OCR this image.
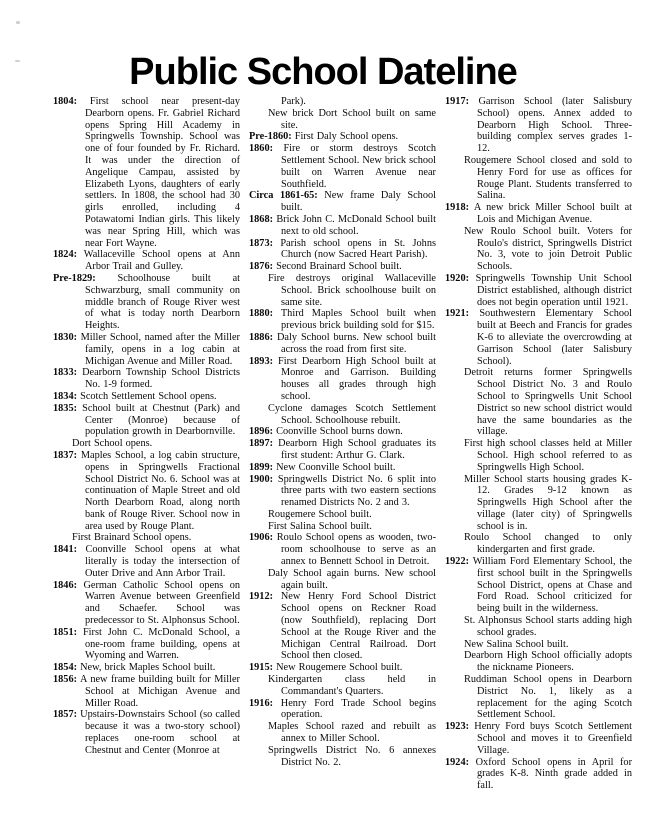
Public School Dateline

1804: First school near present-day Dearborn opens. Fr. Gabriel Richard opens Spring Hill Academy in Springwells Township. School was one of four founded by Fr. Richard. It was under the direction of Angelique Campau, assisted by Elizabeth Lyons, daughters of early settlers. In 1808, the school had 30 girls enrolled, including 4 Potawatomi Indian girls. This likely was near Spring Hill, which was near Fort Wayne.

1824: Wallaceville School opens at Ann Arbor Trail and Gulley.

Pre-1829: Schoolhouse built at Schwarzburg, small community on middle branch of Rouge River west of what is today north Dearborn Heights.

1830: Miller School, named after the Miller family, opens in a log cabin at Michigan Avenue and Miller Road.

1833: Dearborn Township School Districts No. 1-9 formed.

1834: Scotch Settlement School opens.

1835: School built at Chestnut (Park) and Center (Monroe) because of population growth in Dearbornville.

Dort School opens.

1837: Maples School, a log cabin structure, opens in Springwells Fractional School District No. 6. School was at continuation of Maple Street and old North Dearborn Road, along north bank of Rouge River. School now in area used by Rouge Plant.

First Brainard School opens.

1841: Coonville School opens at what literally is today the intersection of Outer Drive and Ann Arbor Trail.

1846: German Catholic School opens on Warren Avenue between Greenfield and Schaefer. School was predecessor to St. Alphonsus School.

1851: First John C. McDonald School, a one-room frame building, opens at Wyoming and Warren.

1854: New, brick Maples School built.

1856: A new frame building built for Miller School at Michigan Avenue and Miller Road.

1857: Upstairs-Downstairs School (so called because it was a two-story school) replaces one-room school at Chestnut and Center (Monroe at

Park).

New brick Dort School built on same site.

Pre-1860: First Daly School opens.

1860: Fire or storm destroys Scotch Settlement School. New brick school built on Warren Avenue near Southfield.

Circa 1861-65: New frame Daly School built.

1868: Brick John C. McDonald School built next to old school.

1873: Parish school opens in St. Johns Church (now Sacred Heart Parish).

1876: Second Brainard School built.

Fire destroys original Wallaceville School. Brick schoolhouse built on same site.

1880: Third Maples School built when previous brick building sold for $15.

1886: Daly School burns. New school built across the road from first site.

1893: First Dearborn High School built at Monroe and Garrison. Building houses all grades through high school.

Cyclone damages Scotch Settlement School. Schoolhouse rebuilt.

1896: Coonville School burns down.

1897: Dearborn High School graduates its first student: Arthur G. Clark.

1899: New Coonville School built.

1900: Springwells District No. 6 split into three parts with two eastern sections renamed Districts No. 2 and 3.

Rougemere School built.

First Salina School built.

1906: Roulo School opens as wooden, two-room schoolhouse to serve as an annex to Bennett School in Detroit.

Daly School again burns. New school again built.

1912: New Henry Ford School District School opens on Reckner Road (now Southfield), replacing Dort School at the Rouge River and the Michigan Central Railroad. Dort School then closed.

1915: New Rougemere School built.

Kindergarten class held in Commandant's Quarters.

1916: Henry Ford Trade School begins operation.

Maples School razed and rebuilt as annex to Miller School.

Springwells District No. 6 annexes District No. 2.

1917: Garrison School (later Salisbury School) opens. Annex added to Dearborn High School. Three-building complex serves grades 1-12.

Rougemere School closed and sold to Henry Ford for use as offices for Rouge Plant. Students transferred to Salina.

1918: A new brick Miller School built at Lois and Michigan Avenue.

New Roulo School built. Voters for Roulo's district, Springwells District No. 3, vote to join Detroit Public Schools.

1920: Springwells Township Unit School District established, although district does not begin operation until 1921.

1921: Southwestern Elementary School built at Beech and Francis for grades K-6 to alleviate the overcrowding at Garrison School (later Salisbury School).

Detroit returns former Springwells School District No. 3 and Roulo School to Springwells Unit School District so new school district would have the same boundaries as the village.

First high school classes held at Miller School. High school referred to as Springwells High School.

Miller School starts housing grades K-12. Grades 9-12 known as Springwells High School after the village (later city) of Springwells school is in.

Roulo School changed to only kindergarten and first grade.

1922: William Ford Elementary School, the first school built in the Springwells School District, opens at Chase and Ford Road. School criticized for being built in the wilderness.

St. Alphonsus School starts adding high school grades.

New Salina School built.

Dearborn High School officially adopts the nickname Pioneers.

Ruddiman School opens in Dearborn District No. 1, likely as a replacement for the aging Scotch Settlement School.

1923: Henry Ford buys Scotch Settlement School and moves it to Greenfield Village.

1924: Oxford School opens in April for grades K-8. Ninth grade added in fall.
